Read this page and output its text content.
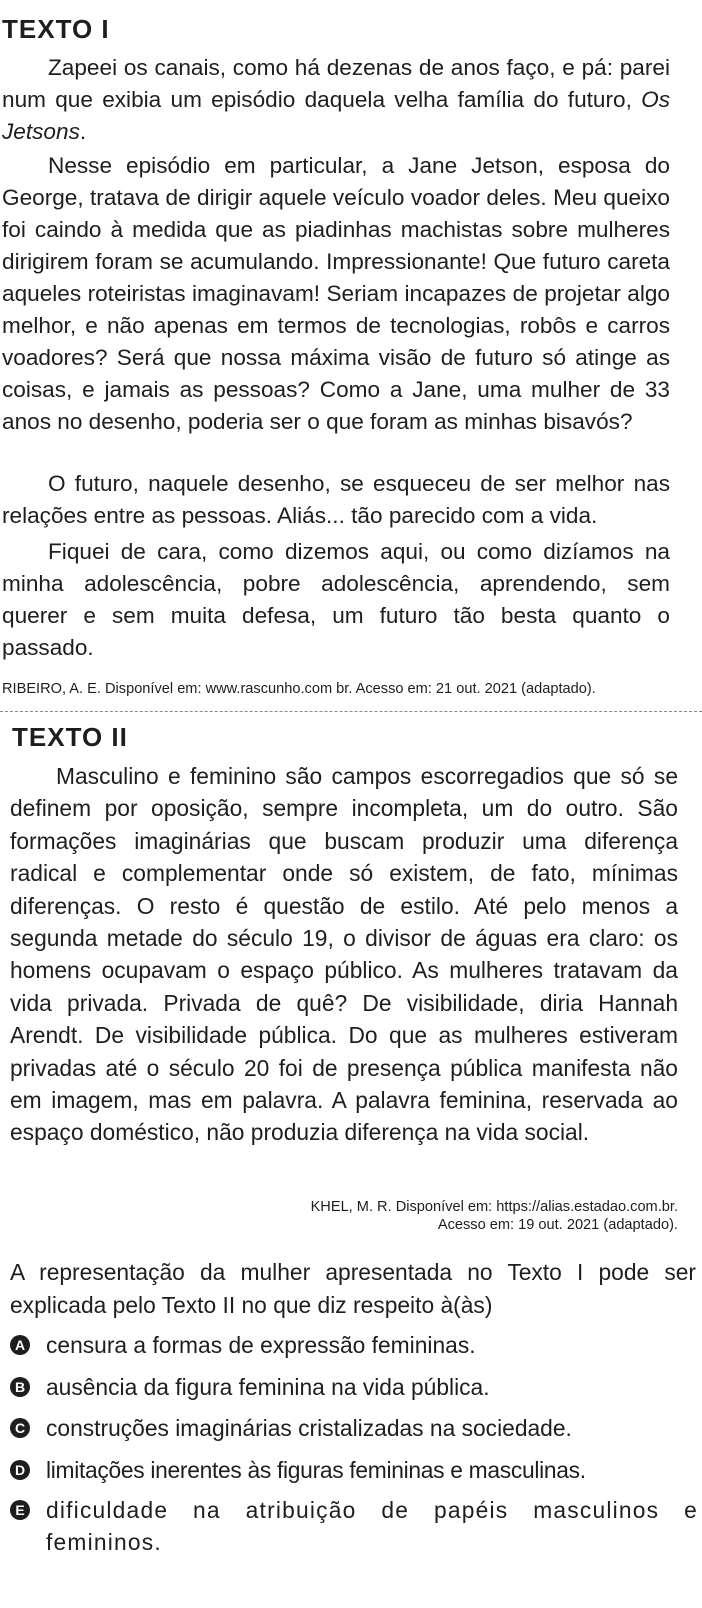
TEXTO I

Zapeei os canais, como há dezenas de anos faço, e pá: parei num que exibia um episódio daquela velha família do futuro, Os Jetsons.

Nesse episódio em particular, a Jane Jetson, esposa do George, tratava de dirigir aquele veículo voador deles. Meu queixo foi caindo à medida que as piadinhas machistas sobre mulheres dirigirem foram se acumulando. Impressionante! Que futuro careta aqueles roteiristas imaginavam! Seriam incapazes de projetar algo melhor, e não apenas em termos de tecnologias, robôs e carros voadores? Será que nossa máxima visão de futuro só atinge as coisas, e jamais as pessoas? Como a Jane, uma mulher de 33 anos no desenho, poderia ser o que foram as minhas bisavós?

O futuro, naquele desenho, se esqueceu de ser melhor nas relações entre as pessoas. Aliás... tão parecido com a vida.

Fiquei de cara, como dizemos aqui, ou como dizíamos na minha adolescência, pobre adolescência, aprendendo, sem querer e sem muita defesa, um futuro tão besta quanto o passado.

RIBEIRO, A. E. Disponível em: www.rascunho.com br. Acesso em: 21 out. 2021 (adaptado).

TEXTO II

Masculino e feminino são campos escorregadios que só se definem por oposição, sempre incompleta, um do outro. São formações imaginárias que buscam produzir uma diferença radical e complementar onde só existem, de fato, mínimas diferenças. O resto é questão de estilo. Até pelo menos a segunda metade do século 19, o divisor de águas era claro: os homens ocupavam o espaço público. As mulheres tratavam da vida privada. Privada de quê? De visibilidade, diria Hannah Arendt. De visibilidade pública. Do que as mulheres estiveram privadas até o século 20 foi de presença pública manifesta não em imagem, mas em palavra. A palavra feminina, reservada ao espaço doméstico, não produzia diferença na vida social.

KHEL, M. R. Disponível em: https://alias.estadao.com.br.
Acesso em: 19 out. 2021 (adaptado).

A representação da mulher apresentada no Texto I pode ser explicada pelo Texto II no que diz respeito à(às)

A censura a formas de expressão femininas.
B ausência da figura feminina na vida pública.
C construções imaginárias cristalizadas na sociedade.
D limitações inerentes às figuras femininas e masculinas.
E dificuldade na atribuição de papéis masculinos e femininos.
